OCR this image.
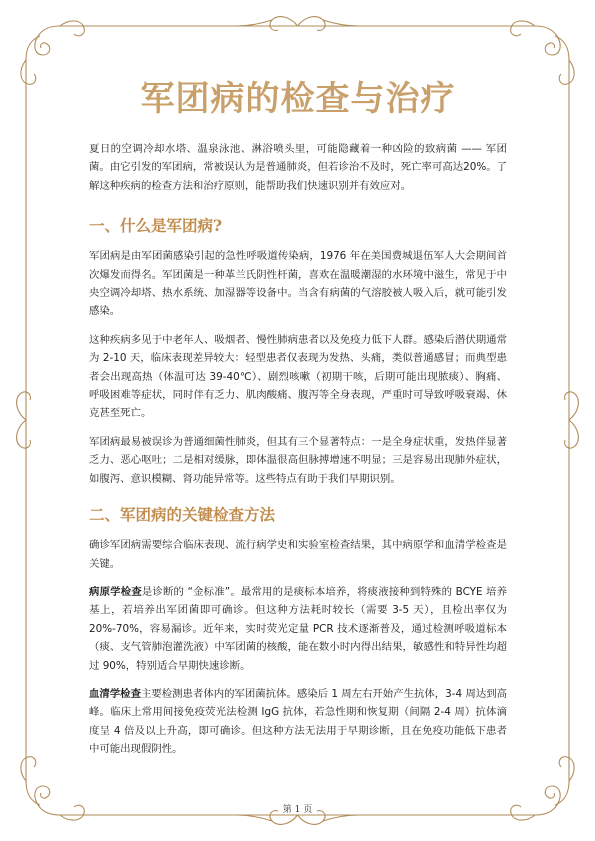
军团病的检查与治疗

夏日的空调冷却水塔、温泉泳池、淋浴喷头里，可能隐藏着一种凶险的致病菌 —— 军团菌。由它引发的军团病，常被误认为是普通肺炎，但若诊治不及时，死亡率可高达20%。了解这种疾病的检查方法和治疗原则，能帮助我们快速识别并有效应对。

一、什么是军团病?

军团病是由军团菌感染引起的急性呼吸道传染病，1976 年在美国费城退伍军人大会期间首次爆发而得名。军团菌是一种革兰氏阴性杆菌，喜欢在温暖潮湿的水环境中滋生，常见于中央空调冷却塔、热水系统、加湿器等设备中。当含有病菌的气溶胶被人吸入后，就可能引发感染。

这种疾病多见于中老年人、吸烟者、慢性肺病患者以及免疫力低下人群。感染后潜伏期通常为 2-10 天，临床表现差异较大：轻型患者仅表现为发热、头痛，类似普通感冒；而典型患者会出现高热（体温可达 39-40℃）、剧烈咳嗽（初期干咳，后期可能出现脓痰）、胸痛、呼吸困难等症状，同时伴有乏力、肌肉酸痛、腹泻等全身表现，严重时可导致呼吸衰竭、休克甚至死亡。

军团病最易被误诊为普通细菌性肺炎，但其有三个显著特点：一是全身症状重，发热伴显著乏力、恶心呕吐；二是相对缓脉，即体温很高但脉搏增速不明显；三是容易出现肺外症状，如腹泻、意识模糊、肾功能异常等。这些特点有助于我们早期识别。

二、军团病的关键检查方法

确诊军团病需要综合临床表现、流行病学史和实验室检查结果，其中病原学和血清学检查是关键。

病原学检查是诊断的 “金标准”。最常用的是痰标本培养，将痰液接种到特殊的 BCYE 培养基上，若培养出军团菌即可确诊。但这种方法耗时较长（需要 3-5 天），且检出率仅为 20%-70%，容易漏诊。近年来，实时荧光定量 PCR 技术逐渐普及，通过检测呼吸道标本（痰、支气管肺泡灌洗液）中军团菌的核酸，能在数小时内得出结果，敏感性和特异性均超过 90%，特别适合早期快速诊断。

血清学检查主要检测患者体内的军团菌抗体。感染后 1 周左右开始产生抗体，3-4 周达到高峰。临床上常用间接免疫荧光法检测 IgG 抗体，若急性期和恢复期（间隔 2-4 周）抗体滴度呈 4 倍及以上升高，即可确诊。但这种方法无法用于早期诊断，且在免疫功能低下患者中可能出现假阴性。

第 1 页
